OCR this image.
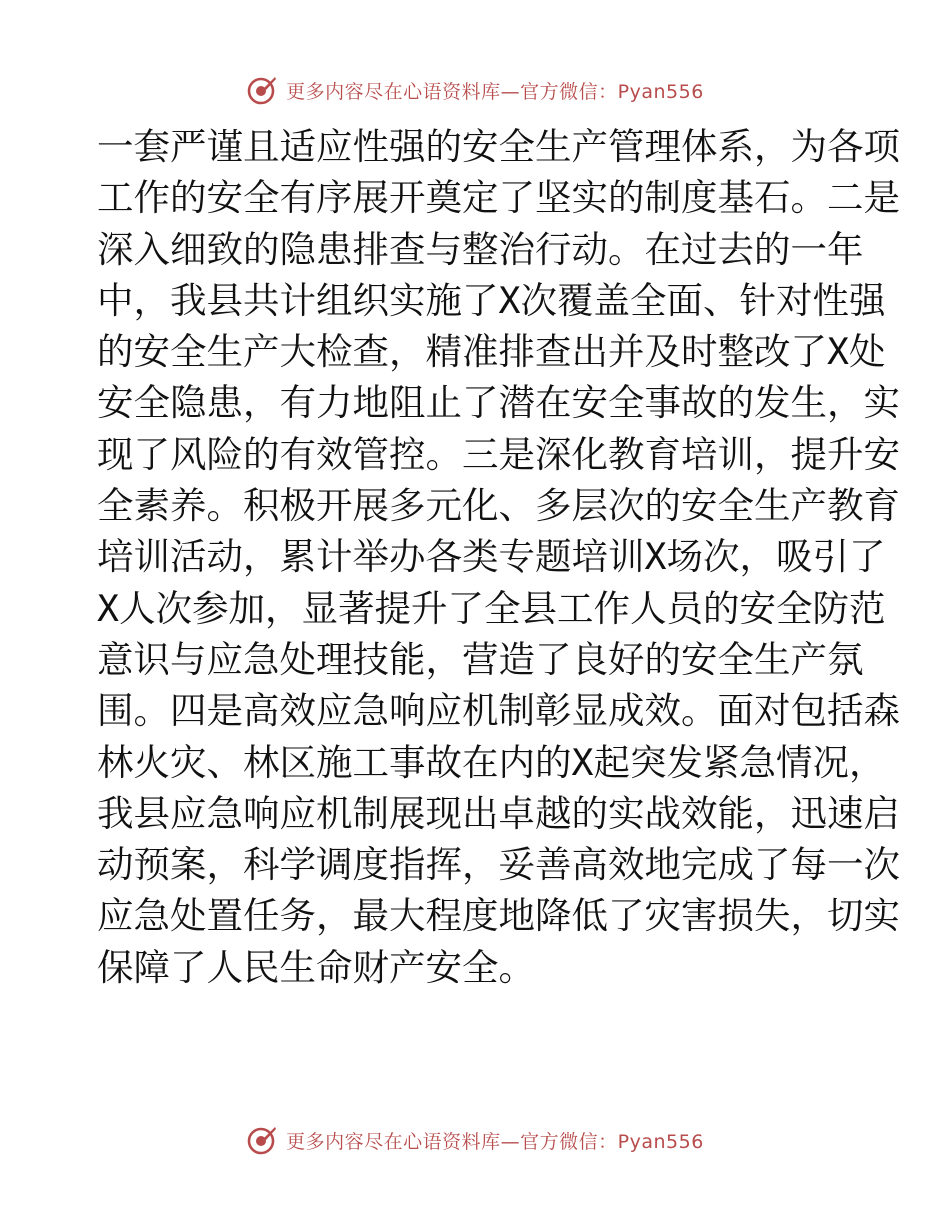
更多内容尽在心语资料库—官方微信：Pyan556
一套严谨且适应性强的安全生产管理体系，为各项
工作的安全有序展开奠定了坚实的制度基石。二是
深入细致的隐患排查与整治行动。在过去的一年
中，我县共计组织实施了X次覆盖全面、针对性强
的安全生产大检查，精准排查出并及时整改了X处
安全隐患，有力地阻止了潜在安全事故的发生，实
现了风险的有效管控。三是深化教育培训，提升安
全素养。积极开展多元化、多层次的安全生产教育
培训活动，累计举办各类专题培训X场次，吸引了
X人次参加，显著提升了全县工作人员的安全防范
意识与应急处理技能，营造了良好的安全生产氛
围。四是高效应急响应机制彰显成效。面对包括森
林火灾、林区施工事故在内的X起突发紧急情况，
我县应急响应机制展现出卓越的实战效能，迅速启
动预案，科学调度指挥，妥善高效地完成了每一次
应急处置任务，最大程度地降低了灾害损失，切实
保障了人民生命财产安全。
更多内容尽在心语资料库—官方微信：Pyan556
